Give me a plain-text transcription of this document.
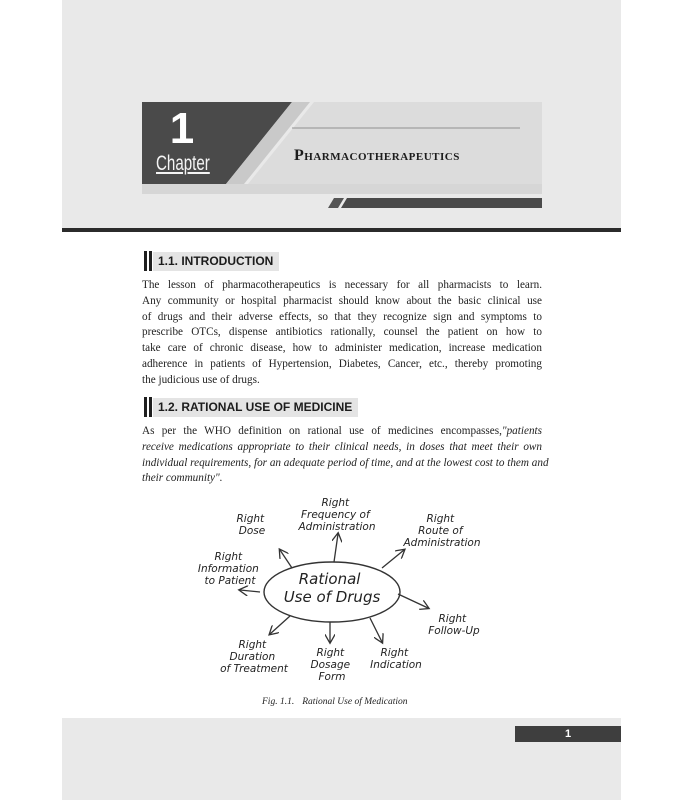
1
Chapter	Pharmacotherapeutics
1.1. INTRODUCTION

The lesson of pharmacotherapeutics is necessary for all pharmacists to learn.
Any community or hospital pharmacist should know about the basic clinical use
of drugs and their adverse effects, so that they recognize sign and symptoms to
prescribe OTCs, dispense antibiotics rationally, counsel the patient on how to
take care of chronic disease, how to administer medication, increase medication
adherence in patients of Hypertension, Diabetes, Cancer, etc., thereby promoting
the judicious use of drugs.

1.2. RATIONAL USE OF MEDICINE

As per the WHO definition on rational use of medicines encompasses,"patients
receive medications appropriate to their clinical needs, in doses that meet their own
individual requirements, for an adequate period of time, and at the lowest cost to them and
their community".

Rational Use of Drugs
Right Dose
Right Frequency of Administration
Right Route of Administration
Right Information to Patient
Right Follow-Up
Right Duration of Treatment
Right Dosage Form
Right Indication
Fig. 1.1. Rational Use of Medication
1
